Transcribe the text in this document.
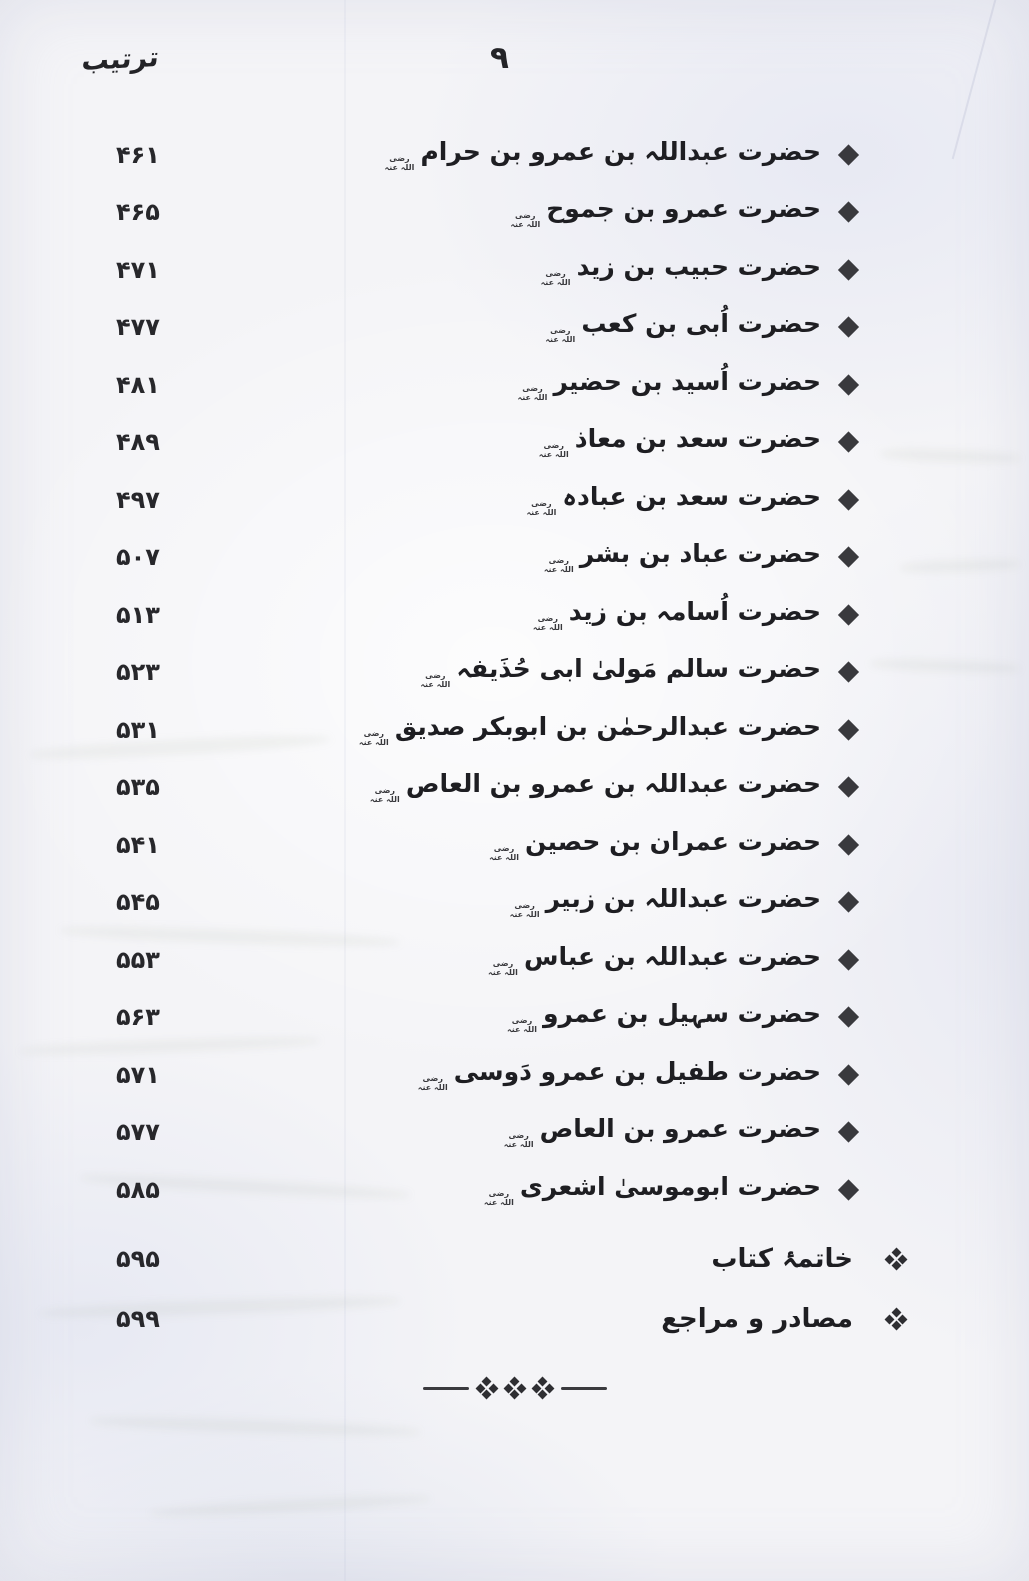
ترتیب	۹
۴۶۱	حضرت عبداللہ بن عمرو بن حرامرضی اللہ عنہ
۴۶۵	حضرت عمرو بن جموحرضی اللہ عنہ
۴۷۱	حضرت حبیب بن زیدرضی اللہ عنہ
۴۷۷	حضرت اُبی بن کعبرضی اللہ عنہ
۴۸۱	حضرت اُسید بن حضیررضی اللہ عنہ
۴۸۹	حضرت سعد بن معاذرضی اللہ عنہ
۴۹۷	حضرت سعد بن عبادہرضی اللہ عنہ
۵۰۷	حضرت عباد بن بشررضی اللہ عنہ
۵۱۳	حضرت اُسامہ بن زیدرضی اللہ عنہ
۵۲۳	حضرت سالم مَولیٰ ابی حُذَیفہرضی اللہ عنہ
۵۳۱	حضرت عبدالرحمٰن بن ابوبکر صدیقرضی اللہ عنہ
۵۳۵	حضرت عبداللہ بن عمرو بن العاصرضی اللہ عنہ
۵۴۱	حضرت عمران بن حصینرضی اللہ عنہ
۵۴۵	حضرت عبداللہ بن زبیررضی اللہ عنہ
۵۵۳	حضرت عبداللہ بن عباسرضی اللہ عنہ
۵۶۳	حضرت سہیل بن عمرورضی اللہ عنہ
۵۷۱	حضرت طفیل بن عمرو دَوسیرضی اللہ عنہ
۵۷۷	حضرت عمرو بن العاصرضی اللہ عنہ
۵۸۵	حضرت ابوموسیٰ اشعریرضی اللہ عنہ
۵۹۵	خاتمۂ کتاب
۵۹۹	مصادر و مراجع
